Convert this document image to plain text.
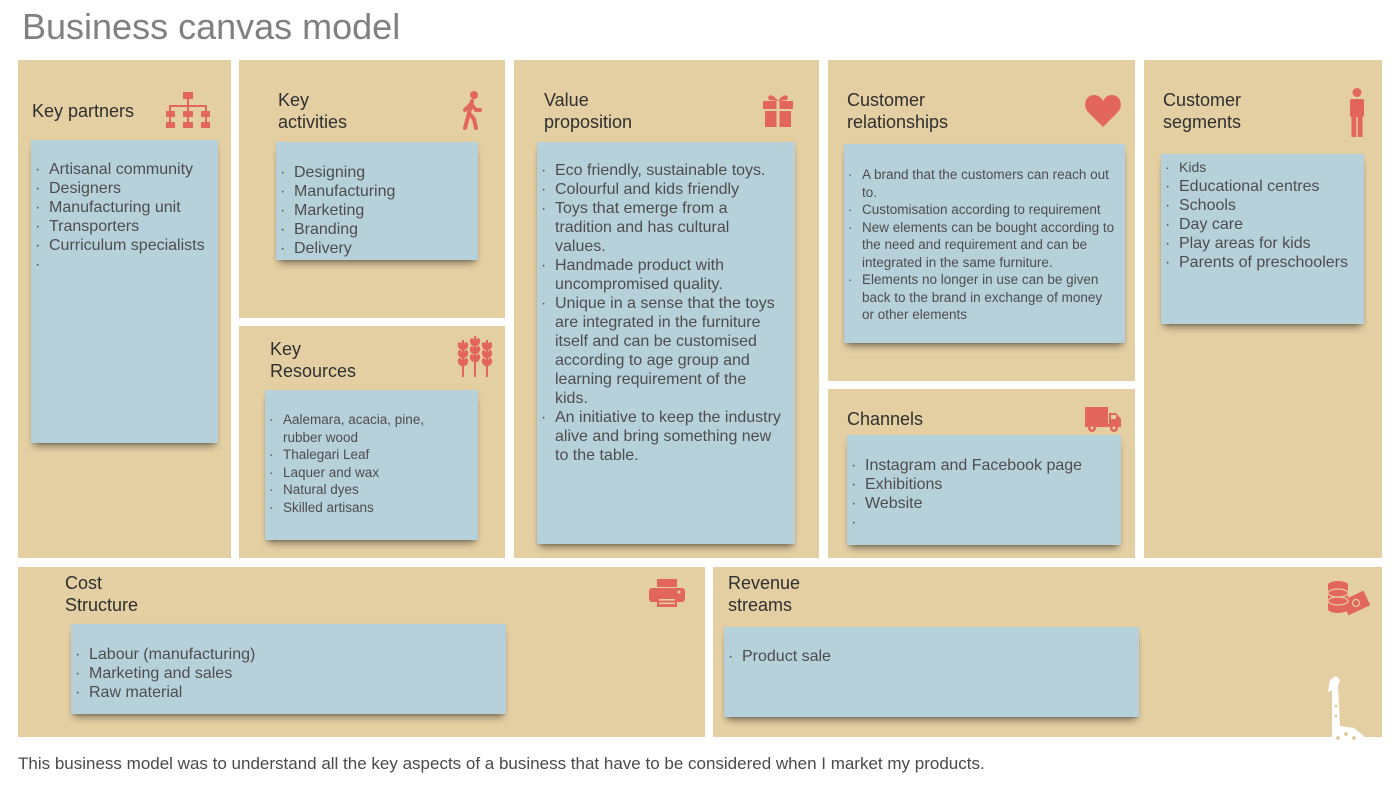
Business canvas model
Key partners
· Artisanal community
· Designers
· Manufacturing unit
· Transporters
· Curriculum specialists
Key
activities
· Designing
· Manufacturing
· Marketing
· Branding
· Delivery
Key
Resources
· Aalemara, acacia, pine, rubber wood
· Thalegari Leaf
· Laquer and wax
· Natural dyes
· Skilled artisans
Value
proposition
· Eco friendly, sustainable toys.
· Colourful and kids friendly
· Toys that emerge from a tradition and has cultural values.
· Handmade product with uncompromised quality.
· Unique in a sense that the toys are integrated in the furniture itself and can be customised according to age group and learning requirement of the kids.
· An initiative to keep the industry alive and bring something new to the table.
Customer
relationships
· A brand that the customers can reach out to.
· Customisation according to requirement
· New elements can be bought according to the need and requirement and can be integrated in the same furniture.
· Elements no longer in use can be given back to the brand in exchange of money or other elements
Channels
· Instagram and Facebook page
· Exhibitions
· Website
Customer
segments
· Kids
· Educational centres
· Schools
· Day care
· Play areas for kids
· Parents of preschoolers
Cost
Structure
· Labour (manufacturing)
· Marketing and sales
· Raw material
Revenue
streams
· Product sale
This business model was to understand all the key aspects of a business that have to be considered when I market my products.
